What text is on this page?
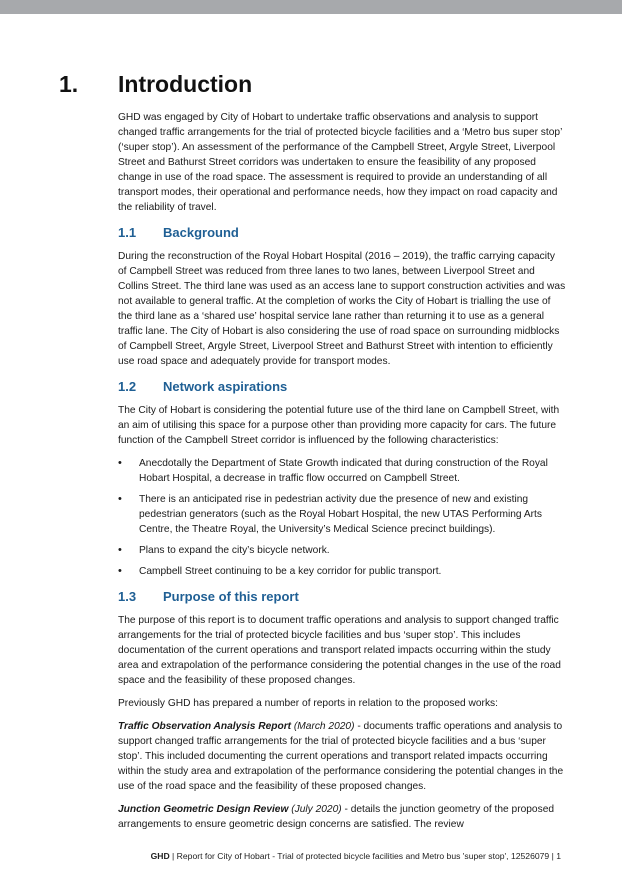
1. Introduction

GHD was engaged by City of Hobart to undertake traffic observations and analysis to support changed traffic arrangements for the trial of protected bicycle facilities and a ‘Metro bus super stop’ (‘super stop’). An assessment of the performance of the Campbell Street, Argyle Street, Liverpool Street and Bathurst Street corridors was undertaken to ensure the feasibility of any proposed change in use of the road space. The assessment is required to provide an understanding of all transport modes, their operational and performance needs, how they impact on road capacity and the reliability of travel.

1.1	Background

During the reconstruction of the Royal Hobart Hospital (2016 – 2019), the traffic carrying capacity of Campbell Street was reduced from three lanes to two lanes, between Liverpool Street and Collins Street. The third lane was used as an access lane to support construction activities and was not available to general traffic. At the completion of works the City of Hobart is trialling the use of the third lane as a ‘shared use’ hospital service lane rather than returning it to use as a general traffic lane. The City of Hobart is also considering the use of road space on surrounding midblocks of Campbell Street, Argyle Street, Liverpool Street and Bathurst Street with intention to efficiently use road space and adequately provide for transport modes.

1.2	Network aspirations

The City of Hobart is considering the potential future use of the third lane on Campbell Street, with an aim of utilising this space for a purpose other than providing more capacity for cars. The future function of the Campbell Street corridor is influenced by the following characteristics:

• Anecdotally the Department of State Growth indicated that during construction of the Royal Hobart Hospital, a decrease in traffic flow occurred on Campbell Street.
• There is an anticipated rise in pedestrian activity due the presence of new and existing pedestrian generators (such as the Royal Hobart Hospital, the new UTAS Performing Arts Centre, the Theatre Royal, the University’s Medical Science precinct buildings).
• Plans to expand the city’s bicycle network.
• Campbell Street continuing to be a key corridor for public transport.
1.3	Purpose of this report

The purpose of this report is to document traffic operations and analysis to support changed traffic arrangements for the trial of protected bicycle facilities and bus ‘super stop’. This includes documentation of the current operations and transport related impacts occurring within the study area and extrapolation of the performance considering the potential changes in the use of the road space and the feasibility of these proposed changes.

Previously GHD has prepared a number of reports in relation to the proposed works:

Traffic Observation Analysis Report (March 2020) - documents traffic operations and analysis to support changed traffic arrangements for the trial of protected bicycle facilities and a bus ‘super stop’. This included documenting the current operations and transport related impacts occurring within the study area and extrapolation of the performance considering the potential changes in the use of the road space and the feasibility of these proposed changes.

Junction Geometric Design Review (July 2020) - details the junction geometry of the proposed arrangements to ensure geometric design concerns are satisfied. The review

GHD | Report for City of Hobart - Trial of protected bicycle facilities and Metro bus 'super stop', 12526079 | 1
